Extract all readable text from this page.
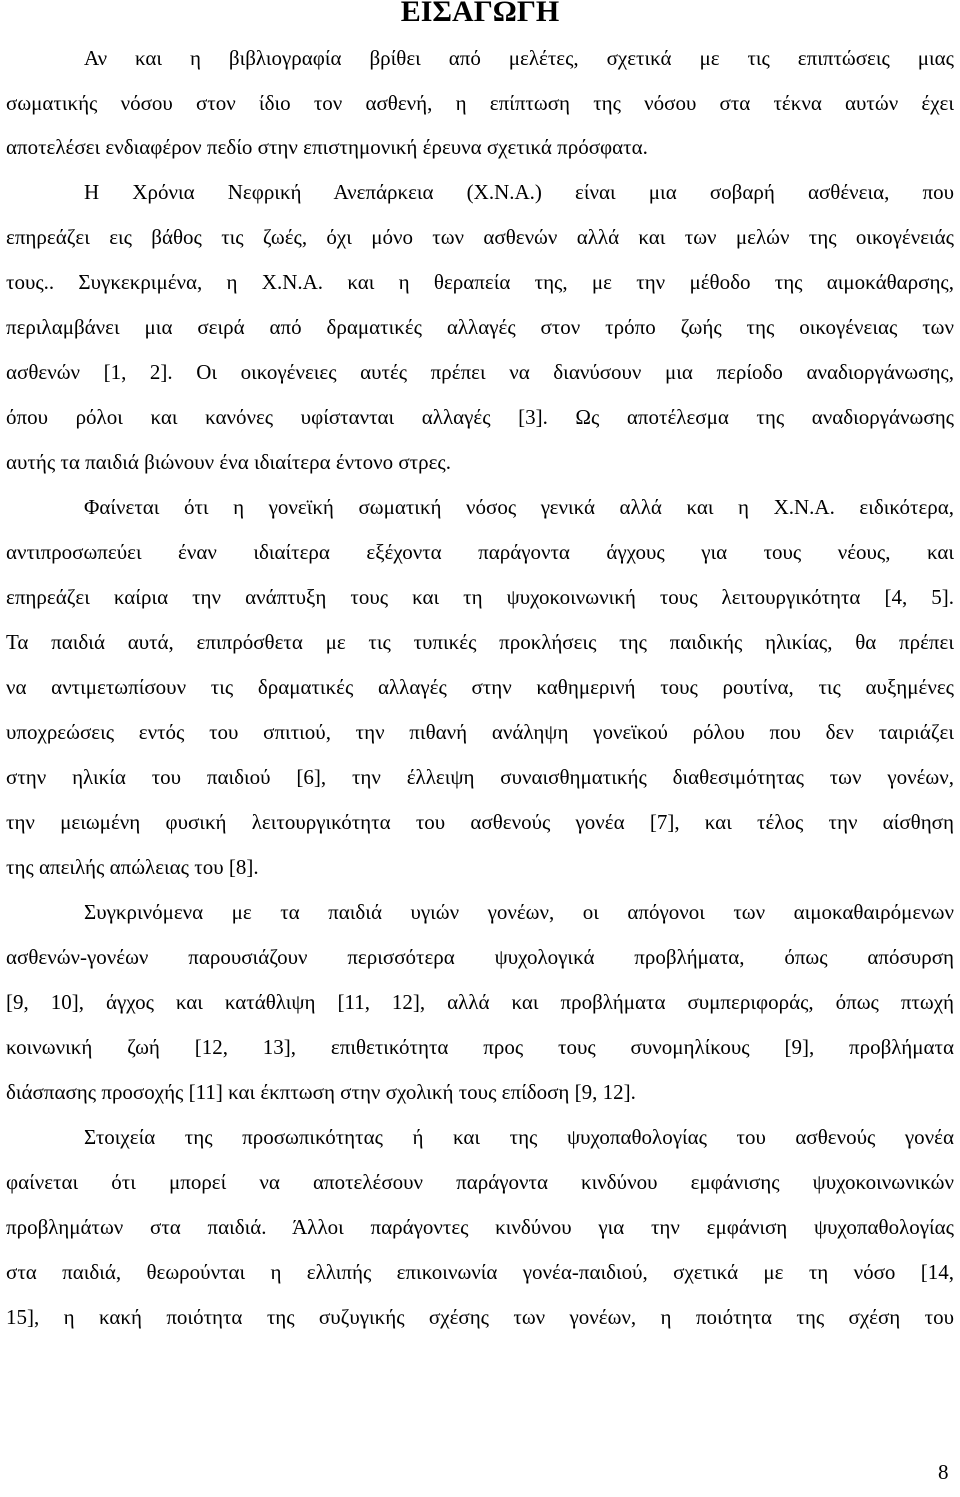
ΕΙΣΑΓΩΓΗ
Αν και η βιβλιογραφία βρίθει από μελέτες, σχετικά με τις επιπτώσεις μιας
σωματικής νόσου στον ίδιο τον ασθενή, η επίπτωση της νόσου στα τέκνα αυτών έχει
αποτελέσει ενδιαφέρον πεδίο στην επιστημονική έρευνα σχετικά πρόσφατα.
Η Χρόνια Νεφρική Ανεπάρκεια (Χ.Ν.Α.) είναι μια σοβαρή ασθένεια, που
επηρεάζει εις βάθος τις ζωές, όχι μόνο των ασθενών αλλά και των μελών της οικογένειάς
τους.. Συγκεκριμένα, η Χ.Ν.Α. και η θεραπεία της, με την μέθοδο της αιμοκάθαρσης,
περιλαμβάνει μια σειρά από δραματικές αλλαγές στον τρόπο ζωής της οικογένειας των
ασθενών [1, 2]. Οι οικογένειες αυτές πρέπει να διανύσουν μια περίοδο αναδιοργάνωσης,
όπου ρόλοι και κανόνες υφίστανται αλλαγές [3]. Ως αποτέλεσμα της αναδιοργάνωσης
αυτής τα παιδιά βιώνουν ένα ιδιαίτερα έντονο στρες.
Φαίνεται ότι η γονεϊκή σωματική νόσος γενικά αλλά και η Χ.Ν.Α. ειδικότερα,
αντιπροσωπεύει έναν ιδιαίτερα εξέχοντα παράγοντα άγχους για τους νέους, και
επηρεάζει καίρια την ανάπτυξη τους και τη ψυχοκοινωνική τους λειτουργικότητα [4, 5].
Τα παιδιά αυτά, επιπρόσθετα με τις τυπικές προκλήσεις της παιδικής ηλικίας, θα πρέπει
να αντιμετωπίσουν τις δραματικές αλλαγές στην καθημερινή τους ρουτίνα, τις αυξημένες
υποχρεώσεις εντός του σπιτιού, την πιθανή ανάληψη γονεϊκού ρόλου που δεν ταιριάζει
στην ηλικία του παιδιού [6], την έλλειψη συναισθηματικής διαθεσιμότητας των γονέων,
την μειωμένη φυσική λειτουργικότητα του ασθενούς γονέα [7], και τέλος την αίσθηση
της απειλής απώλειας του [8].
Συγκρινόμενα με τα παιδιά υγιών γονέων, οι απόγονοι των αιμοκαθαιρόμενων
ασθενών-γονέων παρουσιάζουν περισσότερα ψυχολογικά προβλήματα, όπως απόσυρση
[9, 10], άγχος και κατάθλιψη [11, 12], αλλά και προβλήματα συμπεριφοράς, όπως πτωχή
κοινωνική ζωή [12, 13], επιθετικότητα προς τους συνομηλίκους [9], προβλήματα
διάσπασης προσοχής [11] και έκπτωση στην σχολική τους επίδοση [9, 12].
Στοιχεία της προσωπικότητας ή και της ψυχοπαθολογίας του ασθενούς γονέα
φαίνεται ότι μπορεί να αποτελέσουν παράγοντα κινδύνου εμφάνισης ψυχοκοινωνικών
προβλημάτων στα παιδιά. Άλλοι παράγοντες κινδύνου για την εμφάνιση ψυχοπαθολογίας
στα παιδιά, θεωρούνται η ελλιπής επικοινωνία γονέα-παιδιού, σχετικά με τη νόσο [14,
15], η κακή ποιότητα της συζυγικής σχέσης των γονέων, η ποιότητα της σχέση του
8
